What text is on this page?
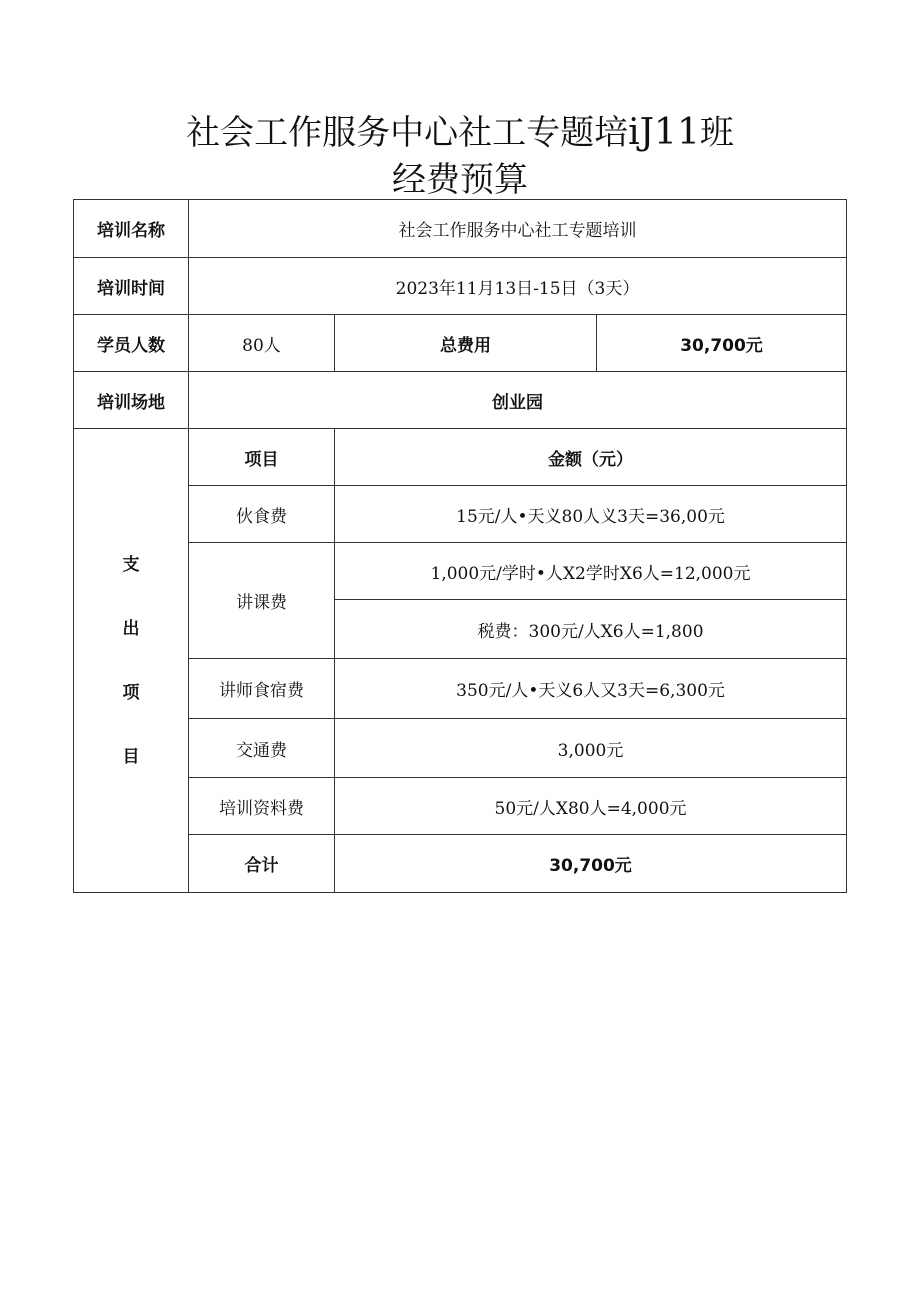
社会工作服务中心社工专题培iJ11班
经费预算
培训名称	社会工作服务中心社工专题培训		
培训时间	2023年11月13日-15日（3天）		
学员人数	80人	总费用	30,700元
培训场地	创业园		

支
出
项
目	项目	金额（元）	
	伙食费	15元/人•天义80人义3天=36,00元	
	讲课费	1,000元/学时•人X2学时X6人=12,000元	
		税费：300元/人X6人=1,800	
	讲师食宿费	350元/人•天义6人又3天=6,300元	
	交通费	3,000元	
	培训资料费	50元/人X80人=4,000元	
	合计	30,700元	
